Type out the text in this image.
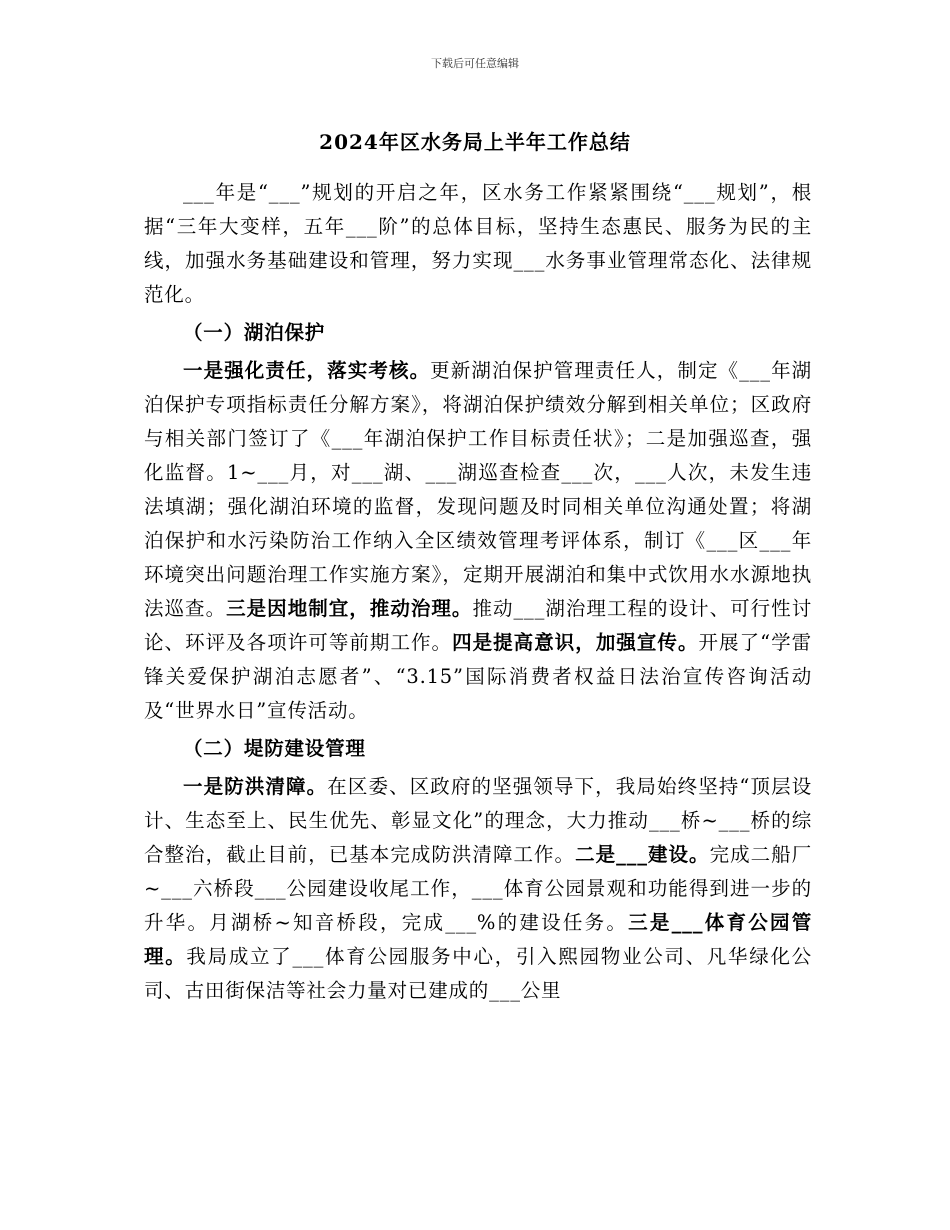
下载后可任意编辑
2024年区水务局上半年工作总结

___年是“___”规划的开启之年，区水务工作紧紧围绕“___规划”，根据“三年大变样，五年___阶”的总体目标，坚持生态惠民、服务为民的主线，加强水务基础建设和管理，努力实现___水务事业管理常态化、法律规范化。

（一）湖泊保护

一是强化责任，落实考核。更新湖泊保护管理责任人，制定《___年湖泊保护专项指标责任分解方案》，将湖泊保护绩效分解到相关单位；区政府与相关部门签订了《___年湖泊保护工作目标责任状》；二是加强巡查，强化监督。1~___月，对___湖、___湖巡查检查___次，___人次，未发生违法填湖；强化湖泊环境的监督，发现问题及时同相关单位沟通处置；将湖泊保护和水污染防治工作纳入全区绩效管理考评体系，制订《___区___年环境突出问题治理工作实施方案》，定期开展湖泊和集中式饮用水水源地执法巡查。三是因地制宜，推动治理。推动___湖治理工程的设计、可行性讨论、环评及各项许可等前期工作。四是提高意识，加强宣传。开展了“学雷锋关爱保护湖泊志愿者”、“3.15”国际消费者权益日法治宣传咨询活动及“世界水日”宣传活动。

（二）堤防建设管理

一是防洪清障。在区委、区政府的坚强领导下，我局始终坚持“顶层设计、生态至上、民生优先、彰显文化”的理念，大力推动___桥~___桥的综合整治，截止目前，已基本完成防洪清障工作。二是___建设。完成二船厂~___六桥段___公园建设收尾工作，___体育公园景观和功能得到进一步的升华。月湖桥~知音桥段，完成___%的建设任务。三是___体育公园管理。我局成立了___体育公园服务中心，引入熙园物业公司、凡华绿化公司、古田街保洁等社会力量对已建成的___公里
